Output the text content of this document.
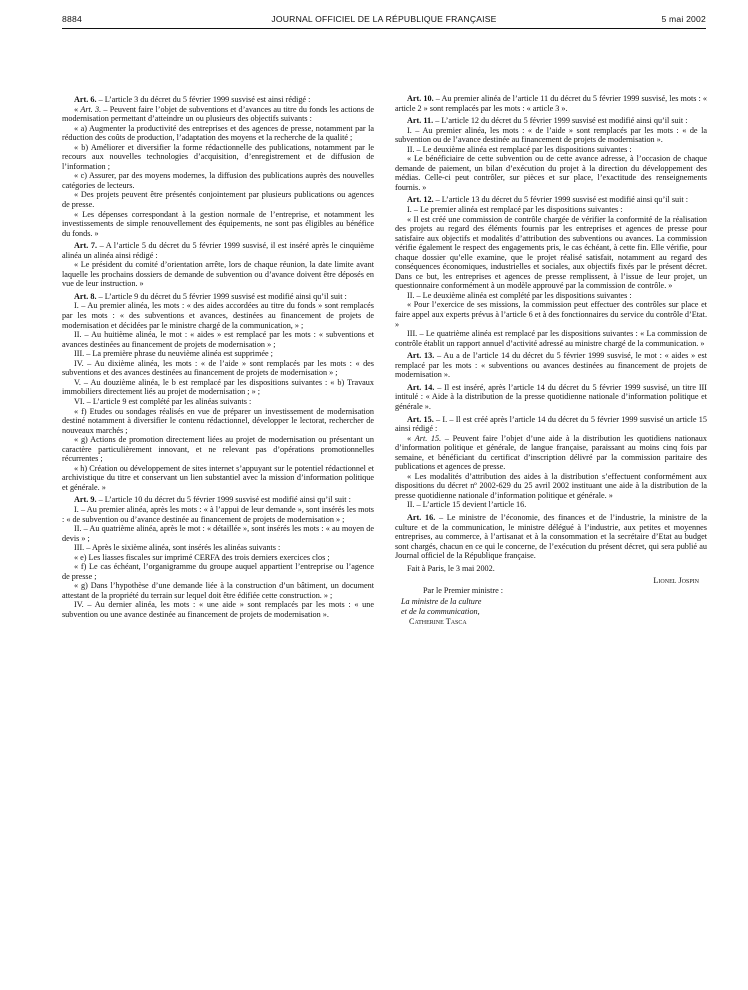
8884	JOURNAL OFFICIEL DE LA RÉPUBLIQUE FRANÇAISE	5 mai 2002

Art. 6. – L’article 3 du décret du 5 février 1999 susvisé est ainsi rédigé :

« Art. 3. – Peuvent faire l’objet de subventions et d’avances au titre du fonds les actions de modernisation permettant d’atteindre un ou plusieurs des objectifs suivants :

« a) Augmenter la productivité des entreprises et des agences de presse, notamment par la réduction des coûts de production, l’adaptation des moyens et la recherche de la qualité ;

« b) Améliorer et diversifier la forme rédactionnelle des publications, notamment par le recours aux nouvelles technologies d’acquisition, d’enregistrement et de diffusion de l’information ;

« c) Assurer, par des moyens modernes, la diffusion des publications auprès des nouvelles catégories de lecteurs.

« Des projets peuvent être présentés conjointement par plusieurs publications ou agences de presse.

« Les dépenses correspondant à la gestion normale de l’entreprise, et notamment les investissements de simple renouvellement des équipements, ne sont pas éligibles au bénéfice du fonds. »

Art. 7. – A l’article 5 du décret du 5 février 1999 susvisé, il est inséré après le cinquième alinéa un alinéa ainsi rédigé :

« Le président du comité d’orientation arrête, lors de chaque réunion, la date limite avant laquelle les prochains dossiers de demande de subvention ou d’avance doivent être déposés en vue de leur instruction. »

Art. 8. – L’article 9 du décret du 5 février 1999 susvisé est modifié ainsi qu’il suit :

I. – Au premier alinéa, les mots : « des aides accordées au titre du fonds » sont remplacés par les mots : « des subventions et avances, destinées au financement de projets de modernisation et décidées par le ministre chargé de la communication, » ;

II. – Au huitième alinéa, le mot : « aides » est remplacé par les mots : « subventions et avances destinées au financement de projets de modernisation » ;

III. – La première phrase du neuvième alinéa est supprimée ;

IV. – Au dixième alinéa, les mots : « de l’aide » sont remplacés par les mots : « des subventions et des avances destinées au financement de projets de modernisation » ;

V. – Au douzième alinéa, le b est remplacé par les dispositions suivantes : « b) Travaux immobiliers directement liés au projet de modernisation ; » ;

VI. – L’article 9 est complété par les alinéas suivants :

« f) Etudes ou sondages réalisés en vue de préparer un investissement de modernisation destiné notamment à diversifier le contenu rédactionnel, développer le lectorat, rechercher de nouveaux marchés ;

« g) Actions de promotion directement liées au projet de modernisation ou présentant un caractère particulièrement innovant, et ne relevant pas d’opérations promotionnelles récurrentes ;

« h) Création ou développement de sites internet s’appuyant sur le potentiel rédactionnel et archivistique du titre et conservant un lien substantiel avec la mission d’information politique et générale. »

Art. 9. – L’article 10 du décret du 5 février 1999 susvisé est modifié ainsi qu’il suit :

I. – Au premier alinéa, après les mots : « à l’appui de leur demande », sont insérés les mots : « de subvention ou d’avance destinée au financement de projets de modernisation » ;

II. – Au quatrième alinéa, après le mot : « détaillée », sont insérés les mots : « au moyen de devis » ;

III. – Après le sixième alinéa, sont insérés les alinéas suivants :

« e) Les liasses fiscales sur imprimé CERFA des trois derniers exercices clos ;

« f) Le cas échéant, l’organigramme du groupe auquel appartient l’entreprise ou l’agence de presse ;

« g) Dans l’hypothèse d’une demande liée à la construction d’un bâtiment, un document attestant de la propriété du terrain sur lequel doit être édifiée cette construction. » ;

IV. – Au dernier alinéa, les mots : « une aide » sont remplacés par les mots : « une subvention ou une avance destinée au financement de projets de modernisation ».

Art. 10. – Au premier alinéa de l’article 11 du décret du 5 février 1999 susvisé, les mots : « article 2 » sont remplacés par les mots : « article 3 ».

Art. 11. – L’article 12 du décret du 5 février 1999 susvisé est modifié ainsi qu’il suit :

I. – Au premier alinéa, les mots : « de l’aide » sont remplacés par les mots : « de la subvention ou de l’avance destinée au financement de projets de modernisation ».

II. – Le deuxième alinéa est remplacé par les dispositions suivantes :

« Le bénéficiaire de cette subvention ou de cette avance adresse, à l’occasion de chaque demande de paiement, un bilan d’exécution du projet à la direction du développement des médias. Celle-ci peut contrôler, sur pièces et sur place, l’exactitude des renseignements fournis. »

Art. 12. – L’article 13 du décret du 5 février 1999 susvisé est modifié ainsi qu’il suit :

I. – Le premier alinéa est remplacé par les dispositions suivantes :

« Il est créé une commission de contrôle chargée de vérifier la conformité de la réalisation des projets au regard des éléments fournis par les entreprises et agences de presse pour satisfaire aux objectifs et modalités d’attribution des subventions ou avances. La commission vérifie également le respect des engagements pris, le cas échéant, à cette fin. Elle vérifie, pour chaque dossier qu’elle examine, que le projet réalisé satisfait, notamment au regard des conséquences économiques, industrielles et sociales, aux objectifs fixés par le présent décret. Dans ce but, les entreprises et agences de presse remplissent, à l’issue de leur projet, un questionnaire conformément à un modèle approuvé par la commission de contrôle. »

II. – Le deuxième alinéa est complété par les dispositions suivantes :

« Pour l’exercice de ses missions, la commission peut effectuer des contrôles sur place et faire appel aux experts prévus à l’article 6 et à des fonctionnaires du service du contrôle d’Etat. »

III. – Le quatrième alinéa est remplacé par les dispositions suivantes : « La commission de contrôle établit un rapport annuel d’activité adressé au ministre chargé de la communication. »

Art. 13. – Au a de l’article 14 du décret du 5 février 1999 susvisé, le mot : « aides » est remplacé par les mots : « subventions ou avances destinées au financement de projets de modernisation ».

Art. 14. – Il est inséré, après l’article 14 du décret du 5 février 1999 susvisé, un titre III intitulé : « Aide à la distribution de la presse quotidienne nationale d’information politique et générale ».

Art. 15. – I. – Il est créé après l’article 14 du décret du 5 février 1999 susvisé un article 15 ainsi rédigé :

« Art. 15. – Peuvent faire l’objet d’une aide à la distribution les quotidiens nationaux d’information politique et générale, de langue française, paraissant au moins cinq fois par semaine, et bénéficiant du certificat d’inscription délivré par la commission paritaire des publications et agences de presse.

« Les modalités d’attribution des aides à la distribution s’effectuent conformément aux dispositions du décret nº 2002-629 du 25 avril 2002 instituant une aide à la distribution de la presse quotidienne nationale d’information politique et générale. »

II. – L’article 15 devient l’article 16.

Art. 16. – Le ministre de l’économie, des finances et de l’industrie, la ministre de la culture et de la communication, le ministre délégué à l’industrie, aux petites et moyennes entreprises, au commerce, à l’artisanat et à la consommation et la secrétaire d’Etat au budget sont chargés, chacun en ce qui le concerne, de l’exécution du présent décret, qui sera publié au Journal officiel de la République française.

Fait à Paris, le 3 mai 2002.

Lionel Jospin

Par le Premier ministre :

La ministre de la culture
et de la communication,
Catherine Tasca
